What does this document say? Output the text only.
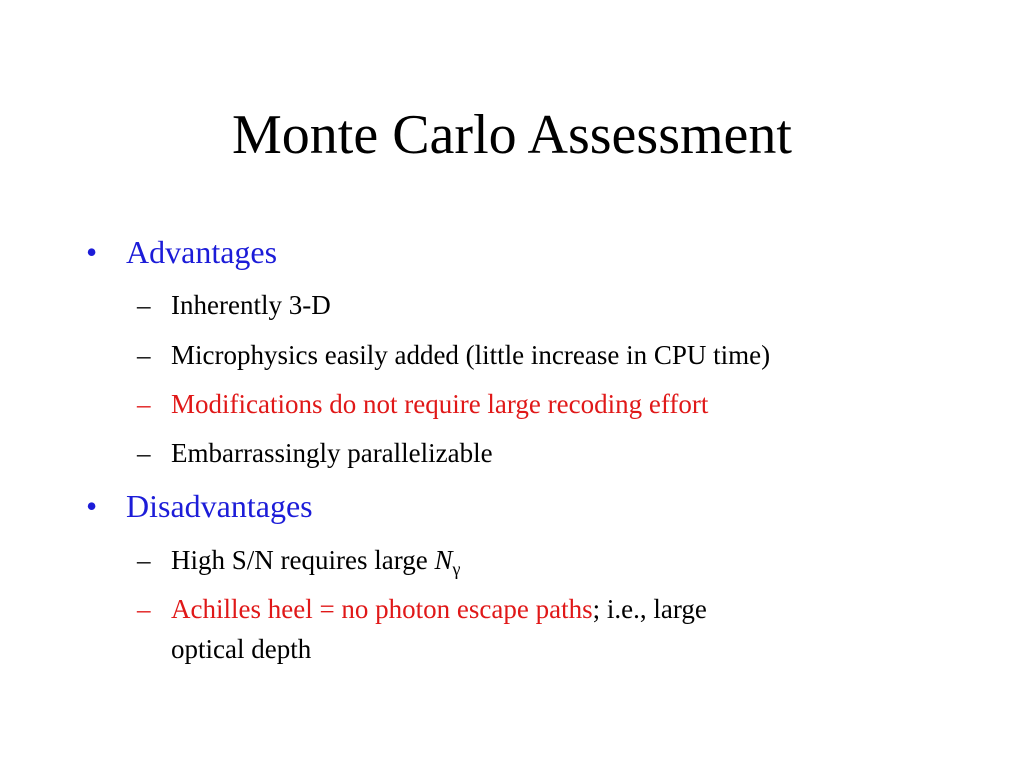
Monte Carlo Assessment
• Advantages
– Inherently 3-D
– Microphysics easily added (little increase in CPU time)
– Modifications do not require large recoding effort
– Embarrassingly parallelizable
• Disadvantages
– High S/N requires large $N_\gamma$
– Achilles heel = no photon escape paths; i.e., large
optical depth
